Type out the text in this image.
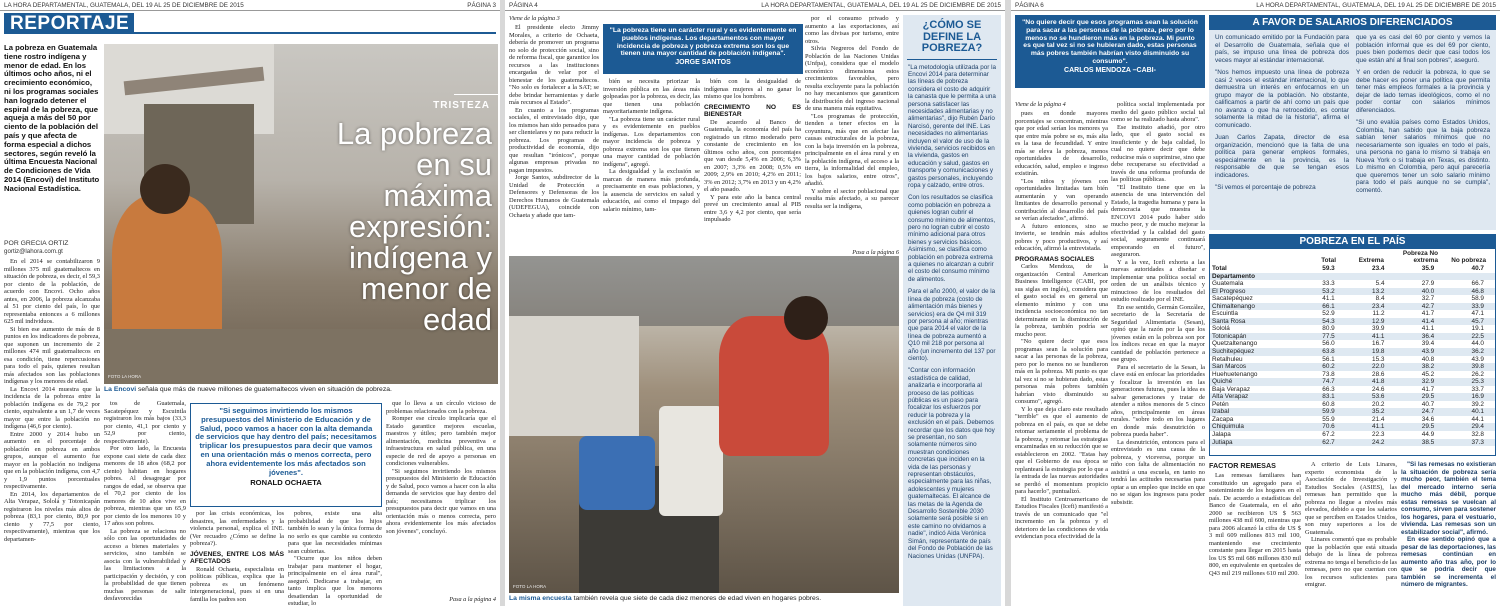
LA HORA DEPARTAMENTAL, GUATEMALA, DEL 19 AL 25 DE DICIEMBRE DE 2015	PÁGINA 3
REPORTAJE
La pobreza en Guatemala tiene rostro indígena y menor de edad. En los últimos ocho años, ni el crecimiento económico, ni los programas sociales han logrado detener el espiral de la pobreza, que aqueja a más del 50 por ciento de la población del país y que afecta de forma especial a dichos sectores, según reveló la última Encuesta Nacional de Condiciones de Vida 2014 (Encovi) del Instituto Nacional Estadística.
POR GRECIA ORTIZ
gortiz@lahora.com.gt

En el 2014 se contabilizaron 9 millones 375 mil guatemaltecos en situación de pobreza, es decir, el 59,3 por ciento de la población, de acuerdo con Encovi. Ocho años antes, en 2006, la pobreza alcanzaba al 51 por ciento del país, lo que representaba entonces a 6 millones 625 mil individuos.

Si bien ese aumento de más de 8 puntos en los indicadores de pobreza, que suponen un incremento de 2 millones 474 mil guatemaltecos en esa condición, tiene repercusiones para todo el país, quienes resultan más afectados son las poblaciones indígenas y los menores de edad.

La Encovi 2014 muestra que la incidencia de la pobreza entre la población indígena es de 79,2 por ciento, equivalente a un 1,7 de veces mayor que entre la población no indígena (46,6 por ciento).

Entre 2000 y 2014 hubo un aumento en el porcentaje de población en pobreza en ambos grupos, aunque el aumento fue mayor en la población no indígena que en la población indígena, con 4,7 y 1,9 puntos porcentuales respectivamente.

En 2014, los departamentos de Alta Verapaz, Sololá y Totonicapán registraron los niveles más altos de pobreza (83,1 por ciento, 80,9 por ciento y 77,5 por ciento, respectivamente), mientras que los departamen-

TRISTEZA
La pobreza en su máxima expresión: indígena y menor de edad
FOTO LA HORA
La Encovi señala que más de nueve millones de guatemaltecos viven en situación de pobreza.
"Si seguimos invirtiendo los mismos presupuestos del Ministerio de Educación y de Salud, poco vamos a hacer con la alta demanda de servicios que hay dentro del país; necesitamos triplicar los presupuestos para decir que vamos en una orientación más o menos correcta, pero ahora evidentemente los más afectados son jóvenes".
RONALD OCHAETA

tos de Guatemala, Sacatepéquez y Escuintla registraron los más bajos (33,3 por ciento, 41,1 por ciento y 52,9 por ciento, respectivamente).

Por otro lado, la Encuesta expone casi siete de cada diez menores de 18 años (68,2 por ciento) habitan en hogares pobres. Al desagregar por rangos de edad, se observa que el 70,2 por ciento de los menores de 10 años vive en pobreza, mientras que un 65,9 por ciento de los menores 10 y 17 años son pobres.

La pobreza se relaciona no sólo con las oportunidades de acceso a bienes materiales y servicios, sino también se asocia con la vulnerabilidad y las limitaciones a la participación y decisión, y con la probabilidad de que tienen muchas personas de salir desfavorecidas

por las crisis económicas, los desastres, las enfermedades y la violencia personal, explica el INE. (Ver recuadro ¿Cómo se define la pobreza?).

JÓVENES, ENTRE LOS MÁS AFECTADOS

Ronald Ochaeta, especialista en políticas públicas, explica que la pobreza es un fenómeno intergeneracional, pues si en una familia los padres son

pobres, existe una alta probabilidad de que los hijos también lo sean y la única forma de no serlo es que cambie su contexto para que las necesidades mínimas sean cubiertas.

"Ocurre que los niños deben trabajar para mantener el hogar, principalmente en el área rural", aseguró. Dedicarse a trabajar, en tanto implica que los menores desatiendan la oportunidad de estudiar, lo

que lo lleva a un círculo vicioso de problemas relacionados con la pobreza.

Romper ese círculo implicaría que el Estado garantice mejores escuelas, maestros y útiles; pero también mejor alimentación, medicina preventiva e infraestructura en salud pública, en una especie de red de apoyo a personas en condiciones vulnerables.

"Si seguimos invirtiendo los mismos presupuestos del Ministerio de Educación y de Salud, poco vamos a hacer con la alta demanda de servicios que hay dentro del país; necesitamos triplicar los presupuestos para decir que vamos en una orientación más o menos correcta, pero ahora evidentemente los más afectados son jóvenes", concluyó.

Pasa a la página 4
PÁGINA 4	LA HORA DEPARTAMENTAL, GUATEMALA, DEL 19 AL 25 DE DICIEMBRE DE 2015
Viene de la página 3

El presidente electo Jimmy Morales, a criterio de Ochaeta, debería de promover un programa no solo de protección social, sino de reforma fiscal, que garantice los recursos a las instituciones encargadas de velar por el bienestar de los guatemaltecos. "No solo es fortalecer a la SAT; se debe brindar herramientas y darle más recursos al Estado".

En cuanto a los programas sociales, el entrevistado dijo, que los mismos han sido pensados para ser clientelares y no para reducir la pobreza. Los programas de productividad de economía, dijo que resultan "irónicos", porque algunas empresas privadas no pagan impuestos.

Jorge Santos, subdirector de la Unidad de Protección a Defensores y Defensoras de los Derechos Humanos de Guatemala (UDEFEGUA), coincide con Ochaeta y añade que tam-

"La pobreza tiene un carácter rural y es evidentemente en pueblos indígenas. Los departamentos con mayor incidencia de pobreza y pobreza extrema son los que tienen una mayor cantidad de población indígena".
JORGE SANTOS

bién se necesita priorizar la inversión pública en las áreas más golpeadas por la pobreza, es decir, las que tienen una población mayoritariamente indígena.

"La pobreza tiene un carácter rural y es evidentemente en pueblos indígenas. Los departamentos con mayor incidencia de pobreza y pobreza extrema son los que tienen una mayor cantidad de población indígena", agregó.

La desigualdad y la exclusión se marcan de manera más profunda, precisamente en esas poblaciones, y la ausencia de servicios en salud y educación, así como el impago del salario mínimo, tam-

bién con la desigualdad de indígenas mujeres al no ganar lo mismo que los hombres.

CRECIMIENTO NO ES BIENESTAR

De acuerdo al Banco de Guatemala, la economía del país ha registrado un ritmo moderado pero constante de crecimiento en los últimos ocho años, con porcentajes que van desde 5,4% en 2006; 6,3% en 2007; 3,3% en 2008; 0,5% en 2009; 2,9% en 2010; 4,2% en 2011; 3% en 2012; 3,7% en 2013 y un 4,2% el año pasado.

Y para este año la banca central prevé un crecimiento anual al PIB entre 3,6 y 4,2 por ciento, que sería impulsado

por el consumo privado y aumento a las exportaciones, así como las divisas por turismo, entre otros.

Silvia Negreros del Fondo de Población de las Naciones Unidas (Unfpa), considera que el modelo económico dimensiona estos crecimientos favorables, pero resulta excluyente para la población no hay mecanismos que garanticen la distribución del ingreso nacional de una manera más equitativa.

"Los programas de protección, tienden a tener efectos en la coyuntura, más que en afectar las causas estructurales de la pobreza, con la baja inversión en la pobreza, principalmente en el área rural y en la población indígena, el acceso a la tierra, la informalidad del empleo, los bajos salarios, entre otros", añadió.

Y sobre el sector poblacional que resulta más afectado, a su parecer resulta ser la indígena,

Pasa a la página 6
¿CÓMO SE DEFINE LA POBREZA?

"La metodología utilizada por la Encovi 2014 para determinar las líneas de pobreza considera el costo de adquirir la canasta que le permita a una persona satisfacer las necesidades alimentarias y no alimentarias", dijo Rubén Darío Narcisó, gerente del INE. Las necesidades no alimentarias incluyen el valor de uso de la vivienda, servicios recibidos en la vivienda, gastos en educación y salud, gastos en transporte y comunicaciones y gastos personales, incluyendo ropa y calzado, entre otros.

Con los resultados se clasifica como población en pobreza a quienes logran cubrir el consumo mínimo de alimentos, pero no logran cubrir el costo mínimo adicional para otros bienes y servicios básicos. Asimismo, se clasifica como población en pobreza extrema a quienes no alcanzan a cubrir el costo del consumo mínimo de alimentos.

Para el año 2000, el valor de la línea de pobreza (costo de alimentación más bienes y servicios) era de Q4 mil 319 por persona al año; mientras que para 2014 el valor de la línea de pobreza aumentó a Q10 mil 218 por persona al año (un incremento del 137 por ciento).

"Contar con información estadística de calidad, analizarla e incorporarla al proceso de las políticas públicas es un paso para focalizar los esfuerzos por reducir la pobreza y la exclusión en el país. Debemos recordar que los datos que hoy se presentan, no son solamente números sino muestran condiciones concretas que inciden en la vida de las personas y representan obstáculos, especialmente para las niñas, adolescentes y mujeres guatemaltecas. El alcance de las metas de la Agenda de Desarrollo Sostenible 2030 solamente será posible si en este camino no olvidamos a nadie", indicó Aida Verónica Simán, representante de país del Fondo de Población de las Naciones Unidas (UNFPA).

FOTO LA HORA
La misma encuesta también revela que siete de cada diez menores de edad viven en hogares pobres.
PÁGINA 6	LA HORA DEPARTAMENTAL, GUATEMALA, DEL 19 AL 25 DE DICIEMBRE DE 2015
"No quiere decir que esos programas sean la solución para sacar a las personas de la pobreza, pero por lo menos no se hundieron más en la pobreza. Mi punto es que tal vez si no se hubieran dado, estas personas más pobres también habrían visto disminuido su consumo".
CARLOS MENDOZA –CABI-
Viene de la página 4

pues en donde mayores porcentajes se concentran, mientras que por edad serían los menores ya que entre más pobre se es, más alta es la tasa de fecundidad. Y entre más se eleva la pobreza, menos oportunidades de desarrollo, educación, salud, empleo e ingreso existirán.

"Los niños y jóvenes con oportunidades limitadas tam bién aumentarán y van operando limitantes de desarrollo personal y contribución al desarrollo del país se verían afectados", afirmó.

A futuro entonces, sino se invierte, se tendrán más adultos pobres y poco productivos, y así educación, afirmó la entrevistada.

PROGRAMAS SOCIALES

Carlos Mendoza, de la organización Central American Business Intelligence (CABI, por sus siglas en inglés), considera que el gasto social es en general un elemento mínimo y con una incidencia socioeconómica no tan determinante en la disminución de la pobreza, también podría ser mucho peor.

"No quiere decir que esos programas sean la solución para sacar a las personas de la pobreza, pero por lo menos no se hundieron más en la pobreza. Mi punto es que tal vez si no se hubieran dado, estas personas más pobres también habrían visto disminuido su consumo", agregó.

Y lo que deja claro este resultado "terrible" es que el aumento de pobreza en el país, es que se debe retomar seriamente el problema de la pobreza, y retomar las estrategias encaminadas en su reducción que se establecieron en 2002. "Estas hay que el Gobierno de esa época se replanteará la estrategia por lo que a la entrada de las nuevas autoridades se perdió el momentum propicio para hacerlo", puntualizó.

El Instituto Centroamericano de Estudios Fiscales (Icefi) manifestó a través de un comunicado que "el incremento en la pobreza y el deterioro de las condiciones de vida evidencian poca efectividad de la

política social implementada por medio del gasto público social tal como se ha realizado hasta ahora".

Ese instituto añadió, por otro lado, que el gasto social es insuficiente y de baja calidad, lo cual no quiere decir que debe reducirse más o suprimirse, sino que debe recuperarse su efectividad a través de una reforma profunda de las políticas públicas.

"El Instituto tiene que en la ausencia de una intervención del Estado, la tragedia humana y para la democracia que muestra la ENCOVI 2014 pudo haber sido mucho peor, y de mucho mejorar la efectividad y la calidad del gasto social, seguramente continuará empeorando en el futuro", aseguraron.

Y a la vez, Icefi exhorta a las nuevas autoridades a diseñar e implementar una política social en orden de un análisis técnico y minucioso de los resultados del estudio realizado por el INE.

En ese sentido, Germán González, secretario de la Secretaría de Seguridad Alimentaria (Sesan), opinó que la razón por la que los jóvenes están en la pobreza son por los índices recae en que la mayor cantidad de población pertenece a ese grupo.

Para el secretario de la Sesan, la clave está en enfocar las prioridades y focalizar la inversión en las generaciones futuras, pues la idea es salvar generaciones y tratar de atender a niños menores de 5 cinco años, principalmente en áreas rurales. "sobre todo en los lugares en donde más desnutrición o pobreza pueda haber".

La desnutrición, entonces para el entrevistado es una causa de la pobreza, y viceversa, porque un niño con falta de alimentación no asistirá a una escuela, en tanto no tendrá las actitudes necesarias para optar a un empleo que incide en que no se sigan los ingresos para poder subsistir.

A FAVOR DE SALARIOS DIFERENCIADOS

Un comunicado emitido por la Fundación para el Desarrollo de Guatemala, señala que el país, se impuso una línea de pobreza dos veces mayor al estándar internacional.

"Nos hemos impuesto una línea de pobreza casi 2 veces el estándar internacional, lo que demuestra un interés en enfocarnos en un grupo mayor de la población. No obstante, calificamos a partir de ahí como un país que no avanza o que ha retrocedido, es contar solamente la mitad de la historia", afirma el comunicado.

Juan Carlos Zapata, director de esa organización, mencionó que la falta de una política para generar empleos formales, especialmente en la provincia, es la responsable de que se tengan esos indicadores.

"Si vemos el porcentaje de pobreza

que ya es casi del 60 por ciento y vemos la población informal que es del 69 por ciento, pues bien podemos decir que casi todos los que están ahí al final son pobres", aseguró.

Y en orden de reducir la pobreza, lo que se debe hacer es poner una política que permita tener más empleos formales a la provincia y dejar de lado temas ideológicos, como el no poder contar con salarios mínimos diferenciados.

"Si uno evalúa países como Estados Unidos, Colombia, han sabido que la baja pobreza sabían tener salarios mínimos que no necesariamente son iguales en todo el país, una persona no gana lo mismo si trabaja en Nueva York o si trabaja en Texas, es distinto. Lo mismo en Colombia, pero aquí parecería que queremos tener un solo salario mínimo para todo el país aunque no se cumpla", comentó.

POBREZA EN EL PAÍS
Total	Extrema
Pobreza No extrema	No pobreza
Total	59.3	23.4	35.9	40.7
Departamento				
Guatemala	33.3	5.4	27.9	66.7
El Progreso	53.2	13.2	40.0	46.8
Sacatepéquez	41.1	8.4	32.7	58.9
Chimaltenango	66.1	23.4	42.7	33.9
Escuintla	52.9	11.2	41.7	47.1
Santa Rosa	54.3	12.9	41.4	45.7
Sololá	80.9	39.9	41.1	19.1
Totonicapán	77.5	41.1	36.4	22.5
Quetzaltenango	56.0	16.7	39.4	44.0
Suchitepéquez	63.8	19.8	43.9	36.2
Retalhuleu	56.1	15.3	40.8	43.9
San Marcos	60.2	22.0	38.2	39.8
Huehuetenango	73.8	28.6	45.2	26.2
Quiché	74.7	41.8	32.9	25.3
Baja Verapaz	66.3	24.6	41.7	33.7
Alta Verapaz	83.1	53.6	29.5	16.9
Petén	60.8	20.2	40.7	39.2
Izabal	59.9	35.2	24.7	40.1
Zacapa	55.9	21.4	34.6	44.1
Chiquimula	70.6	41.1	29.5	29.4
Jalapa	67.2	22.3	44.9	32.8
Jutiapa	62.7	24.2	38.5	37.3
FACTOR REMESAS

Las remesas familiares han constituido un agregado para el sostenimiento de los hogares en el país. De acuerdo a estadísticas del Banco de Guatemala, en el año 2000 se recibieron US $ 563 millones 438 mil 600, mientras que para 2006 alcanzó la cifra de US $ 3 mil 609 millones 813 mil 100, manteniendo ese crecimiento constante para llegar en 2015 hasta los US $5 mil 686 millones 830 mil 800, en equivalente en quetzales de Q43 mil 219 millones 610 mil 200.

A criterio de Luis Linares, experto economista de la Asociación de Investigación y Estudios Sociales (ASIES), las remesas han permitido que la pobreza no llegue a niveles más elevados, debido a que los salarios que se perciben en Estados Unidos, son muy superiores a los de Guatemala.

Linares comentó que es probable que la población que está situada debajo de la línea de pobreza extrema no tenga el beneficio de las remesas, pero no que cuentan con los recursos suficientes para emigrar.

"Si las remesas no existieran la situación de pobreza sería mucho peor, también el tema del mercado interno sería mucho más débil, porque estas remesas se vuelcan al consumo, sirven para sostener los hogares, para el vestuario, vivienda. Las remesas son un estabilizador social", afirmó.

En ese sentido opinó que a pesar de las deportaciones, las remesas continúan en aumento año tras año, por lo que se podría decir que también se incrementa el número de migrantes.
